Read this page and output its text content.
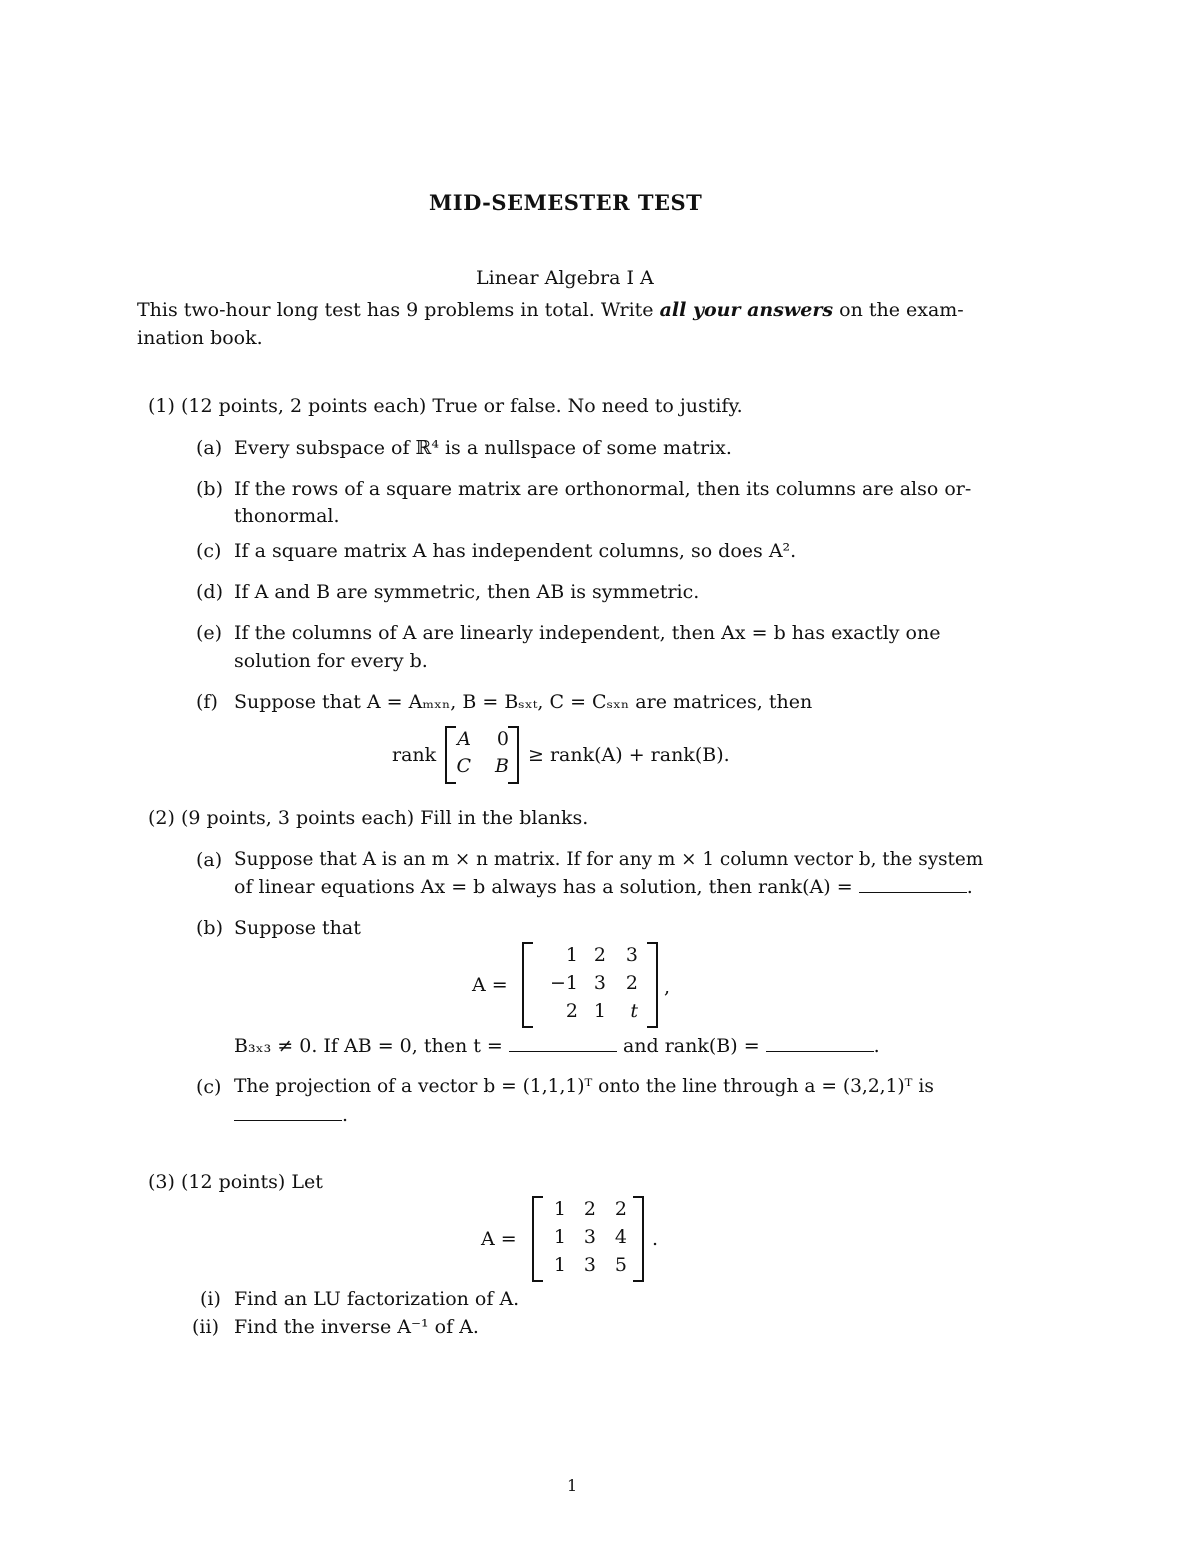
MID-SEMESTER TEST
Linear Algebra I A
This two-hour long test has 9 problems in total. Write all your answers on the exam-
ination book.
(1) (12 points, 2 points each) True or false. No need to justify.
(a) Every subspace of ℝ⁴ is a nullspace of some matrix.
(b) If the rows of a square matrix are orthonormal, then its columns are also or-
thonormal.
(c) If a square matrix A has independent columns, so does A².
(d) If A and B are symmetric, then AB is symmetric.
(e) If the columns of A are linearly independent, then Ax = b has exactly one
solution for every b.
(f) Suppose that A = Aₘₓₙ, B = Bₛₓₜ, C = Cₛₓₙ are matrices, then
rank
A	0
C	B ≥ rank(A) + rank(B).
(2) (9 points, 3 points each) Fill in the blanks.
(a) Suppose that A is an m × n matrix. If for any m × 1 column vector b, the system
of linear equations Ax = b always has a solution, then rank(A) =	.
(b) Suppose that
A =
1 2	3
−1 3	2
2 1	t
,
B₃ₓ₃ ≠ 0. If AB = 0, then t =	and rank(B) =	.
(c) The projection of a vector b = (1,1,1)ᵀ onto the line through a = (3,2,1)ᵀ is
.
(3) (12 points) Let
A =
1 2 2
1 3 4
1 3 5
.
(i) Find an LU factorization of A.
(ii) Find the inverse A⁻¹ of A.
1
